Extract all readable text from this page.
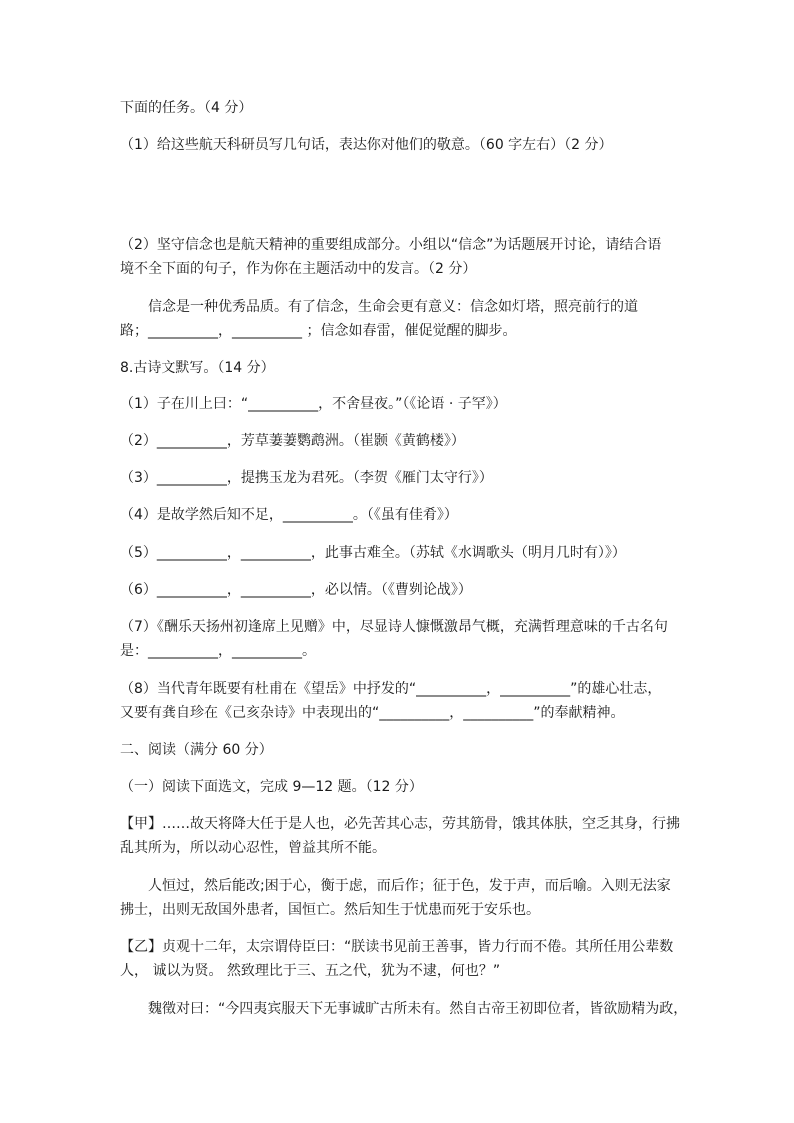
下面的任务。（4 分）
（1）给这些航天科研员写几句话，表达你对他们的敬意。（60 字左右）（2 分）
（2）坚守信念也是航天精神的重要组成部分。小组以“信念”为话题展开讨论，请结合语
境不全下面的句子，作为你在主题活动中的发言。（2 分）
信念是一种优秀品质。有了信念，生命会更有意义：信念如灯塔，照亮前行的道
路；__________，__________ ；信念如春雷，催促觉醒的脚步。
8.古诗文默写。（14 分）
（1）子在川上曰：“__________，不舍昼夜。”（《论语 · 子罕》）
（2）__________，芳草萋萋鹦鹉洲。（崔颢《黄鹤楼》）
（3）__________，提携玉龙为君死。（李贺《雁门太守行》）
（4）是故学然后知不足，__________。（《虽有佳肴》）
（5）__________，__________，此事古难全。（苏轼《水调歌头（明月几时有）》）
（6）__________，__________，必以情。（《曹刿论战》）
（7）《酬乐天扬州初逢席上见赠》中，尽显诗人慷慨激昂气概，充满哲理意味的千古名句
是：__________，__________。
（8）当代青年既要有杜甫在《望岳》中抒发的“__________，__________”的雄心壮志，
又要有龚自珍在《己亥杂诗》中表现出的“__________，__________”的奉献精神。
二、阅读（满分 60 分）
（一）阅读下面选文，完成 9—12 题。（12 分）
【甲】……故天将降大任于是人也，必先苦其心志，劳其筋骨，饿其体肤，空乏其身，行拂
乱其所为，所以动心忍性，曾益其所不能。
人恒过，然后能改;困于心，衡于虑，而后作；征于色，发于声，而后喻。入则无法家
拂士，出则无敌国外患者，国恒亡。然后知生于忧患而死于安乐也。
【乙】贞观十二年，太宗谓侍臣曰：“朕读书见前王善事，皆力行而不倦。其所任用公辈数
人， 诚以为贤。 然致理比于三、五之代，犹为不逮，何也？”
魏徵对曰：“今四夷宾服天下无事诚旷古所未有。然自古帝王初即位者，皆欲励精为政，
